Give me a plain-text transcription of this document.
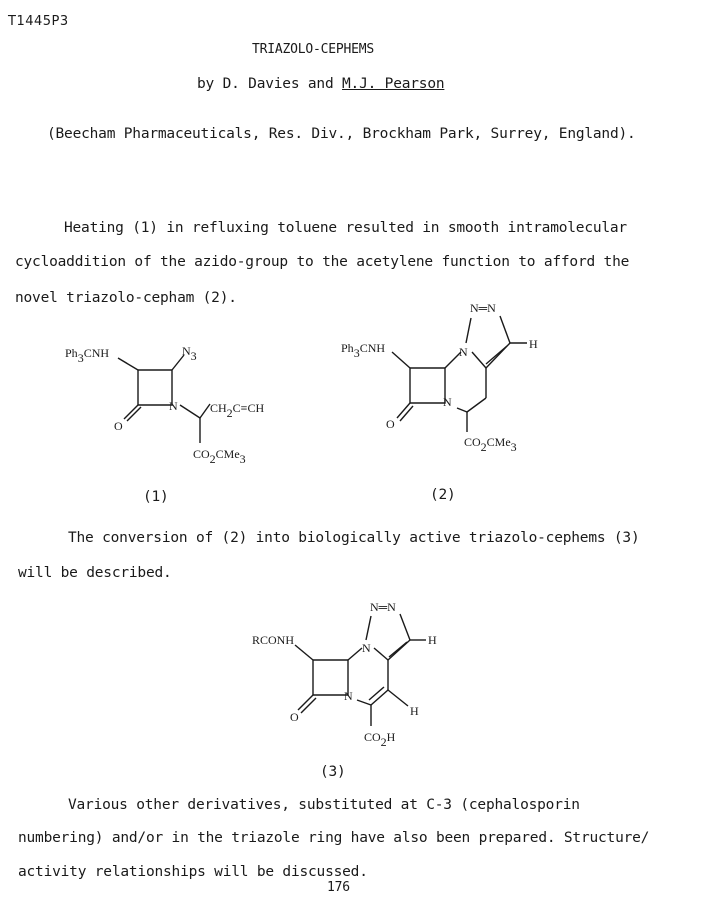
T1445P3
TRIAZOLO-CEPHEMS
by D. Davies and M.J. Pearson
(Beecham Pharmaceuticals, Res. Div., Brockham Park, Surrey, England).
Heating (1) in refluxing toluene resulted in smooth intramolecular
cycloaddition of the azido-group to the acetylene function to afford the
novel triazolo-cepham (2).
Ph3CNH	N3
O
N	CH2C≡CH
CO2CMe3
(1)
Ph3CNH
N═N
O
N
N
H
CO2CMe3
(2)
The conversion of (2) into biologically active triazolo-cephems (3)
will be described.
N═N
RCONH
O
N
N
H
H
CO2H
(3)
Various other derivatives, substituted at C-3 (cephalosporin
numbering) and/or in the triazole ring have also been prepared. Structure/
activity relationships will be discussed.
176
